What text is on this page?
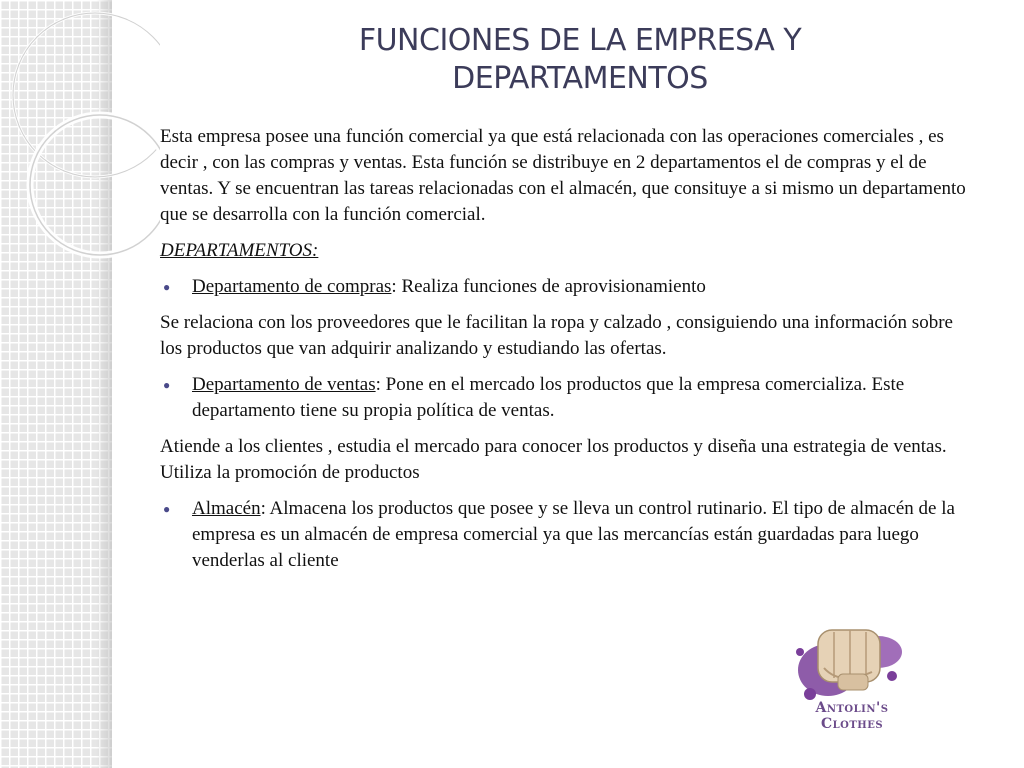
FUNCIONES DE LA EMPRESA Y
DEPARTAMENTOS

Esta empresa posee una función comercial ya que está relacionada con las operaciones comerciales , es decir , con las compras y ventas. Esta función se distribuye en 2 departamentos el de compras y el de ventas. Y se encuentran las tareas relacionadas con el almacén, que consituye a si mismo un departamento que se desarrolla con la función comercial.

DEPARTAMENTOS:

● Departamento de compras: Realiza funciones de aprovisionamiento

Se relaciona con los proveedores que le facilitan la ropa y calzado , consiguiendo una información sobre los productos que van adquirir analizando y estudiando las ofertas.

● Departamento de ventas: Pone en el mercado los productos que la empresa comercializa. Este departamento tiene su propia política de ventas.

Atiende a los clientes , estudia el mercado para conocer los productos y diseña una estrategia de ventas. Utiliza la promoción de productos

● Almacén: Almacena los productos que posee y se lleva un control rutinario. El tipo de almacén de la empresa es un almacén de empresa comercial ya que las mercancías están guardadas para luego venderlas al cliente
Antolin's Clothes
